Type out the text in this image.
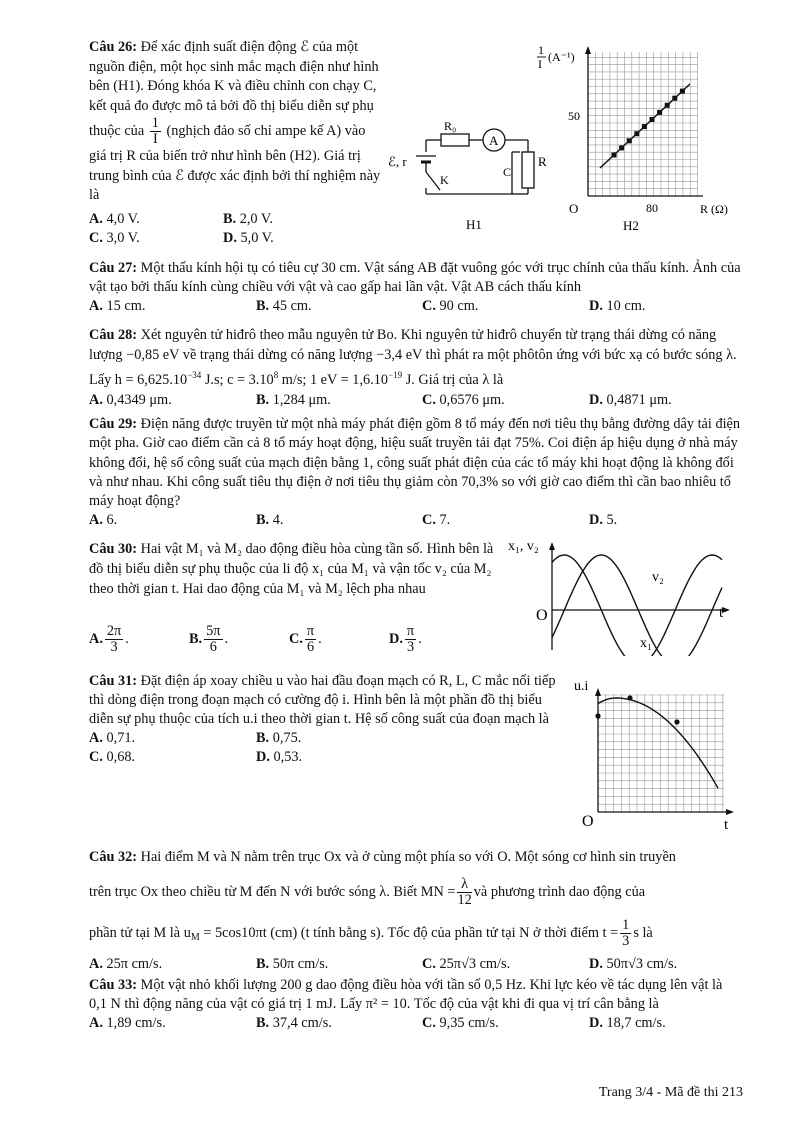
Câu 26: Để xác định suất điện động ℰ của một nguồn điện, một học sinh mắc mạch điện như hình bên (H1). Đóng khóa K và điều chỉnh con chạy C, kết quả đo được mô tả bởi đồ thị biểu diễn sự phụ thuộc của $\frac{1}{I}$ (nghịch đảo số chỉ ampe kế A) vào giá trị R của biến trở như hình bên (H2). Giá trị trung bình của ℰ được xác định bởi thí nghiệm này là
A. 4,0 V.	B. 2,0 V.
C. 3,0 V.	D. 5,0 V.
R₀
A
ℰ, r
K
C
R
H1
1
I (A⁻¹)
50
80
O	R (Ω)
H2
Câu 27: Một thấu kính hội tụ có tiêu cự 30 cm. Vật sáng AB đặt vuông góc với trục chính của thấu kính. Ảnh của vật tạo bởi thấu kính cùng chiều với vật và cao gấp hai lần vật. Vật AB cách thấu kính
A. 15 cm.	B. 45 cm.	C. 90 cm.	D. 10 cm.
Câu 28: Xét nguyên tử hiđrô theo mẫu nguyên tử Bo. Khi nguyên tử hiđrô chuyển từ trạng thái dừng có năng lượng −0,85 eV về trạng thái dừng có năng lượng −3,4 eV thì phát ra một phôtôn ứng với bức xạ có bước sóng λ. Lấy $h = 6,625.10^{-34}$ J.s; $c = 3.10^8$ m/s; 1 eV = $1,6.10^{-19}$ J. Giá trị của λ là
A. 0,4349 μm.	B. 1,284 μm.	C. 0,6576 μm.	D. 0,4871 μm.
Câu 29: Điện năng được truyền từ một nhà máy phát điện gồm 8 tổ máy đến nơi tiêu thụ bằng đường dây tải điện một pha. Giờ cao điểm cần cả 8 tổ máy hoạt động, hiệu suất truyền tải đạt 75%. Coi điện áp hiệu dụng ở nhà máy không đổi, hệ số công suất của mạch điện bằng 1, công suất phát điện của các tổ máy khi hoạt động là không đổi và như nhau. Khi công suất tiêu thụ điện ở nơi tiêu thụ giảm còn 70,3% so với giờ cao điểm thì cần bao nhiêu tổ máy hoạt động?
A. 6.	B. 4.	C. 7.	D. 5.
Câu 30: Hai vật M₁ và M₂ dao động điều hòa cùng tần số. Hình bên là đồ thị biểu diễn sự phụ thuộc của li độ x₁ của M₁ và vận tốc v₂ của M₂ theo thời gian t. Hai dao động của M₁ và M₂ lệch pha nhau
A. $\frac{2\pi}{3}$ .	B. $\frac{5\pi}{6}$ .	C. $\frac{\pi}{6}$ .	D. $\frac{\pi}{3}$ .
x₁, v₂
t
O
v₂
x₁
Câu 31: Đặt điện áp xoay chiều u vào hai đầu đoạn mạch có R, L, C mắc nối tiếp thì dòng điện trong đoạn mạch có cường độ i. Hình bên là một phần đồ thị biểu diễn sự phụ thuộc của tích u.i theo thời gian t. Hệ số công suất của đoạn mạch là
A. 0,71.	B. 0,75.
C. 0,68.	D. 0,53.
u.i
t
O
Câu 32: Hai điểm M và N nằm trên trục Ox và ở cùng một phía so với O. Một sóng cơ hình sin truyền
trên trục Ox theo chiều từ M đến N với bước sóng λ. Biết MN = $\frac{\lambda}{12}$ và phương trình dao động của
phần tử tại M là $u_M = 5\cos 10\pi t$ (cm) (t tính bằng s). Tốc độ của phần tử tại N ở thời điểm $t = \frac{1}{3}$ s là
A. 25π cm/s.	B. 50π cm/s.	C. 25π√3 cm/s.	D. 50π√3 cm/s.
Câu 33: Một vật nhỏ khối lượng 200 g dao động điều hòa với tần số 0,5 Hz. Khi lực kéo về tác dụng lên vật là 0,1 N thì động năng của vật có giá trị 1 mJ. Lấy π² = 10. Tốc độ của vật khi đi qua vị trí cân bằng là
A. 1,89 cm/s.	B. 37,4 cm/s.	C. 9,35 cm/s.	D. 18,7 cm/s.
Trang 3/4 - Mã đề thi 213
